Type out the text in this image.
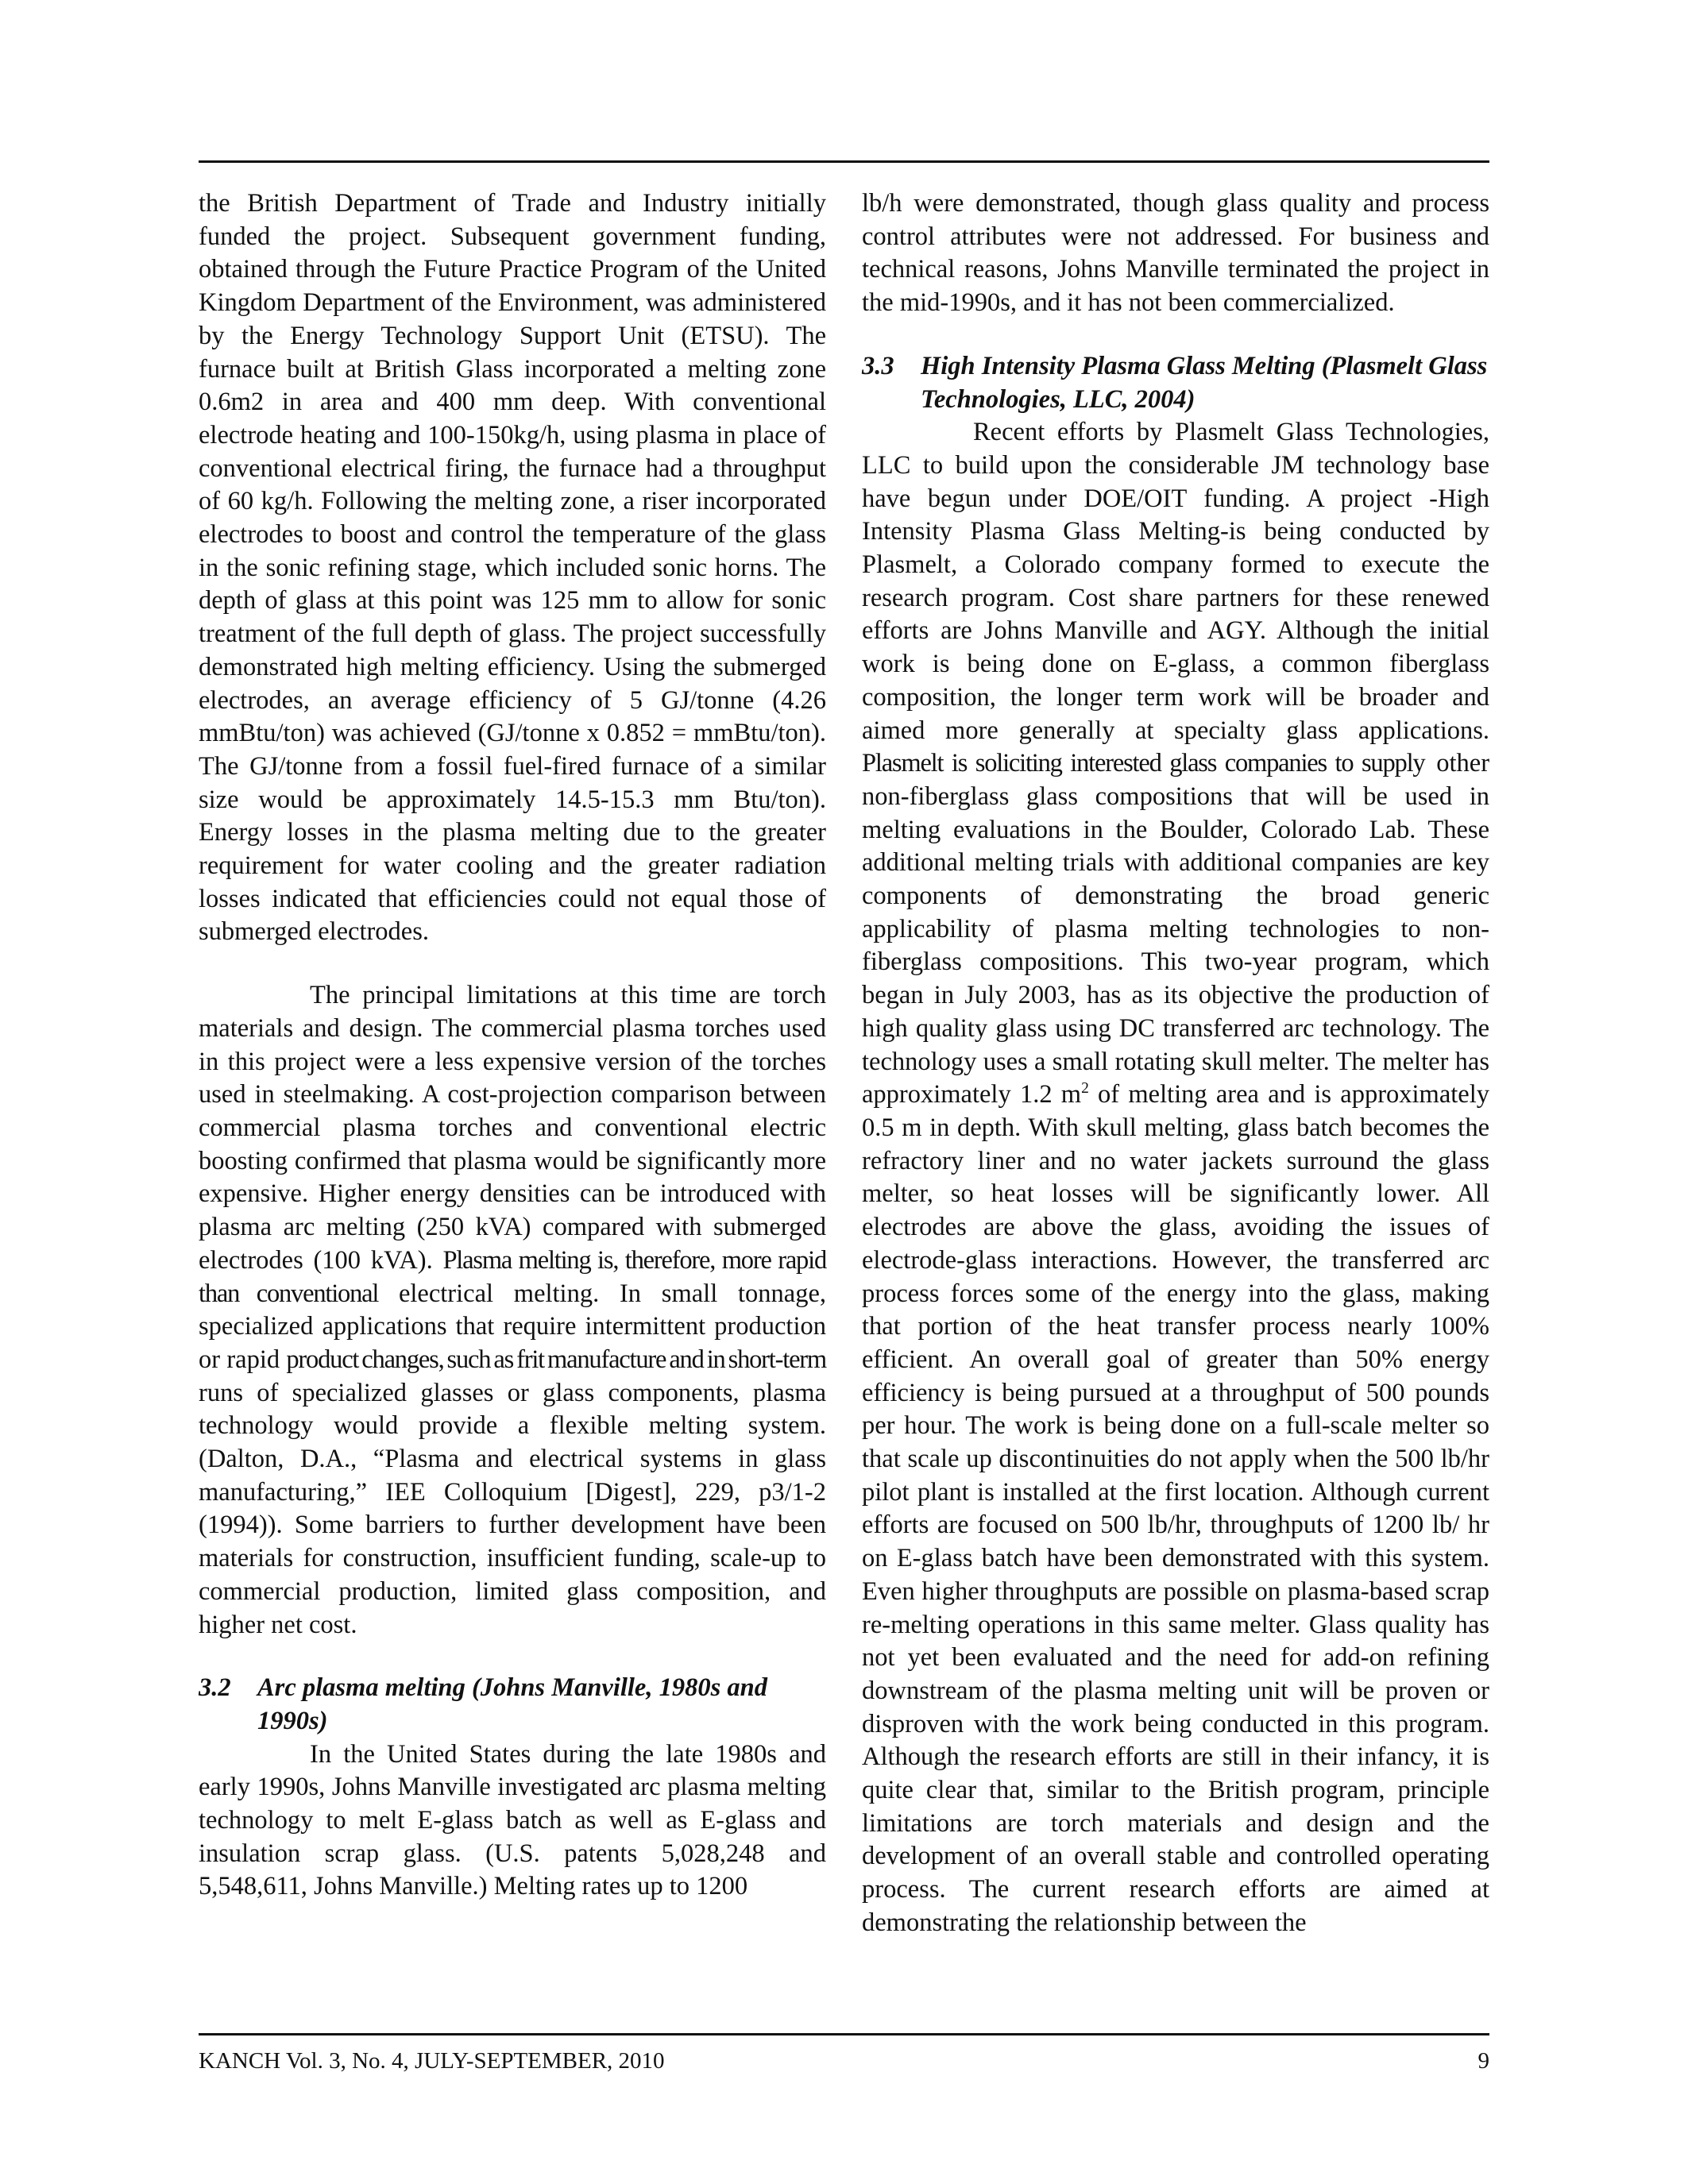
the British Department of Trade and Industry initially funded the project. Subsequent government funding, obtained through the Future Practice Program of the United Kingdom Department of the Environment, was administered by the Energy Technology Support Unit (ETSU). The furnace built at British Glass incorporated a melting zone 0.6m2 in area and 400 mm deep. With conventional electrode heating and 100-150kg/h, using plasma in place of conventional electrical firing, the furnace had a throughput of 60 kg/h. Following the melting zone, a riser incorporated electrodes to boost and control the temperature of the glass in the sonic refining stage, which included sonic horns. The depth of glass at this point was 125 mm to allow for sonic treatment of the full depth of glass. The project successfully demonstrated high melting efficiency. Using the submerged electrodes, an average efficiency of 5 GJ/tonne (4.26 mmBtu/ton) was achieved (GJ/tonne x 0.852 = mmBtu/ton). The GJ/tonne from a fossil fuel-fired furnace of a similar size would be approximately 14.5-15.3 mm Btu/ton). Energy losses in the plasma melting due to the greater requirement for water cooling and the greater radiation losses indicated that efficiencies could not equal those of submerged electrodes.

The principal limitations at this time are torch materials and design. The commercial plasma torches used in this project were a less expensive version of the torches used in steelmaking. A cost-projection comparison between commercial plasma torches and conventional electric boosting confirmed that plasma would be significantly more expensive. Higher energy densities can be introduced with plasma arc melting (250 kVA) compared with submerged electrodes (100 kVA). Plasma melting is, therefore, more rapid than conventional electrical melting. In small tonnage, specialized applications that require intermittent production or rapid product changes, such as frit manufacture and in short-term runs of specialized glasses or glass components, plasma technology would provide a flexible melting system. (Dalton, D.A., “Plasma and electrical systems in glass manufacturing,” IEE Colloquium [Digest], 229, p3/1-2 (1994)). Some barriers to further development have been materials for construction, insufficient funding, scale-up to commercial production, limited glass composition, and higher net cost.

3.2	Arc plasma melting (Johns Manville, 1980s and 1990s)

In the United States during the late 1980s and early 1990s, Johns Manville investigated arc plasma melting technology to melt E-glass batch as well as E-glass and insulation scrap glass. (U.S. patents 5,028,248 and 5,548,611, Johns Manville.) Melting rates up to 1200

lb/h were demonstrated, though glass quality and process control attributes were not addressed. For business and technical reasons, Johns Manville terminated the project in the mid-1990s, and it has not been commercialized.

3.3	High Intensity Plasma Glass Melting (Plasmelt Glass Technologies, LLC, 2004)

Recent efforts by Plasmelt Glass Technologies, LLC to build upon the considerable JM technology base have begun under DOE/OIT funding. A project -High Intensity Plasma Glass Melting-is being conducted by Plasmelt, a Colorado company formed to execute the research program. Cost share partners for these renewed efforts are Johns Manville and AGY. Although the initial work is being done on E-glass, a common fiberglass composition, the longer term work will be broader and aimed more generally at specialty glass applications. Plasmelt is soliciting interested glass companies to supply other non-fiberglass glass compositions that will be used in melting evaluations in the Boulder, Colorado Lab. These additional melting trials with additional companies are key components of demonstrating the broad generic applicability of plasma melting technologies to non-fiberglass compositions. This two-year program, which began in July 2003, has as its objective the production of high quality glass using DC transferred arc technology. The technology uses a small rotating skull melter. The melter has approximately 1.2 $m^2$ of melting area and is approximately 0.5 m in depth. With skull melting, glass batch becomes the refractory liner and no water jackets surround the glass melter, so heat losses will be significantly lower. All electrodes are above the glass, avoiding the issues of electrode-glass interactions. However, the transferred arc process forces some of the energy into the glass, making that portion of the heat transfer process nearly 100% efficient. An overall goal of greater than 50% energy efficiency is being pursued at a throughput of 500 pounds per hour. The work is being done on a full-scale melter so that scale up discontinuities do not apply when the 500 lb/hr pilot plant is installed at the first location. Although current efforts are focused on 500 lb/hr, throughputs of 1200 lb/ hr on E-glass batch have been demonstrated with this system. Even higher throughputs are possible on plasma-based scrap re-melting operations in this same melter. Glass quality has not yet been evaluated and the need for add-on refining downstream of the plasma melting unit will be proven or disproven with the work being conducted in this program. Although the research efforts are still in their infancy, it is quite clear that, similar to the British program, principle limitations are torch materials and design and the development of an overall stable and controlled operating process. The current research efforts are aimed at demonstrating the relationship between the

KANCH Vol. 3, No. 4, JULY-SEPTEMBER, 2010	9
